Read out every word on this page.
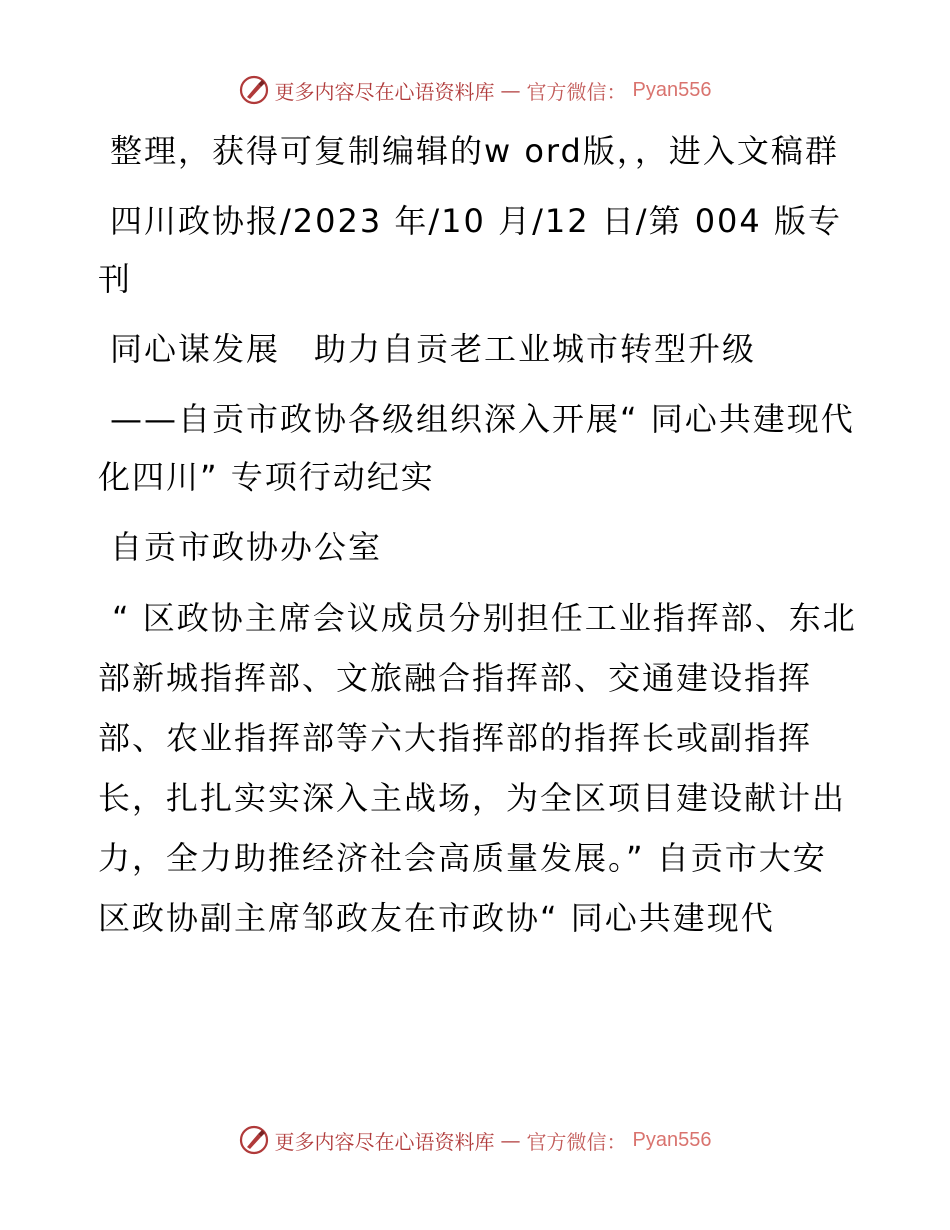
更多内容尽在心语资料库 — 官方微信： Pyan556

整理，获得可复制编辑的w ord版，，进入文稿群

四川政协报/2023 年/10 月/12 日/第 004 版专刊

同心谋发展　助力自贡老工业城市转型升级

——自贡市政协各级组织深入开展“ 同心共建现代化四川” 专项行动纪实

自贡市政协办公室

“ 区政协主席会议成员分别担任工业指挥部、东北部新城指挥部、文旅融合指挥部、交通建设指挥部、农业指挥部等六大指挥部的指挥长或副指挥长，扎扎实实深入主战场，为全区项目建设献计出力，全力助推经济社会高质量发展。” 自贡市大安区政协副主席邹政友在市政协“ 同心共建现代

更多内容尽在心语资料库 — 官方微信： Pyan556
